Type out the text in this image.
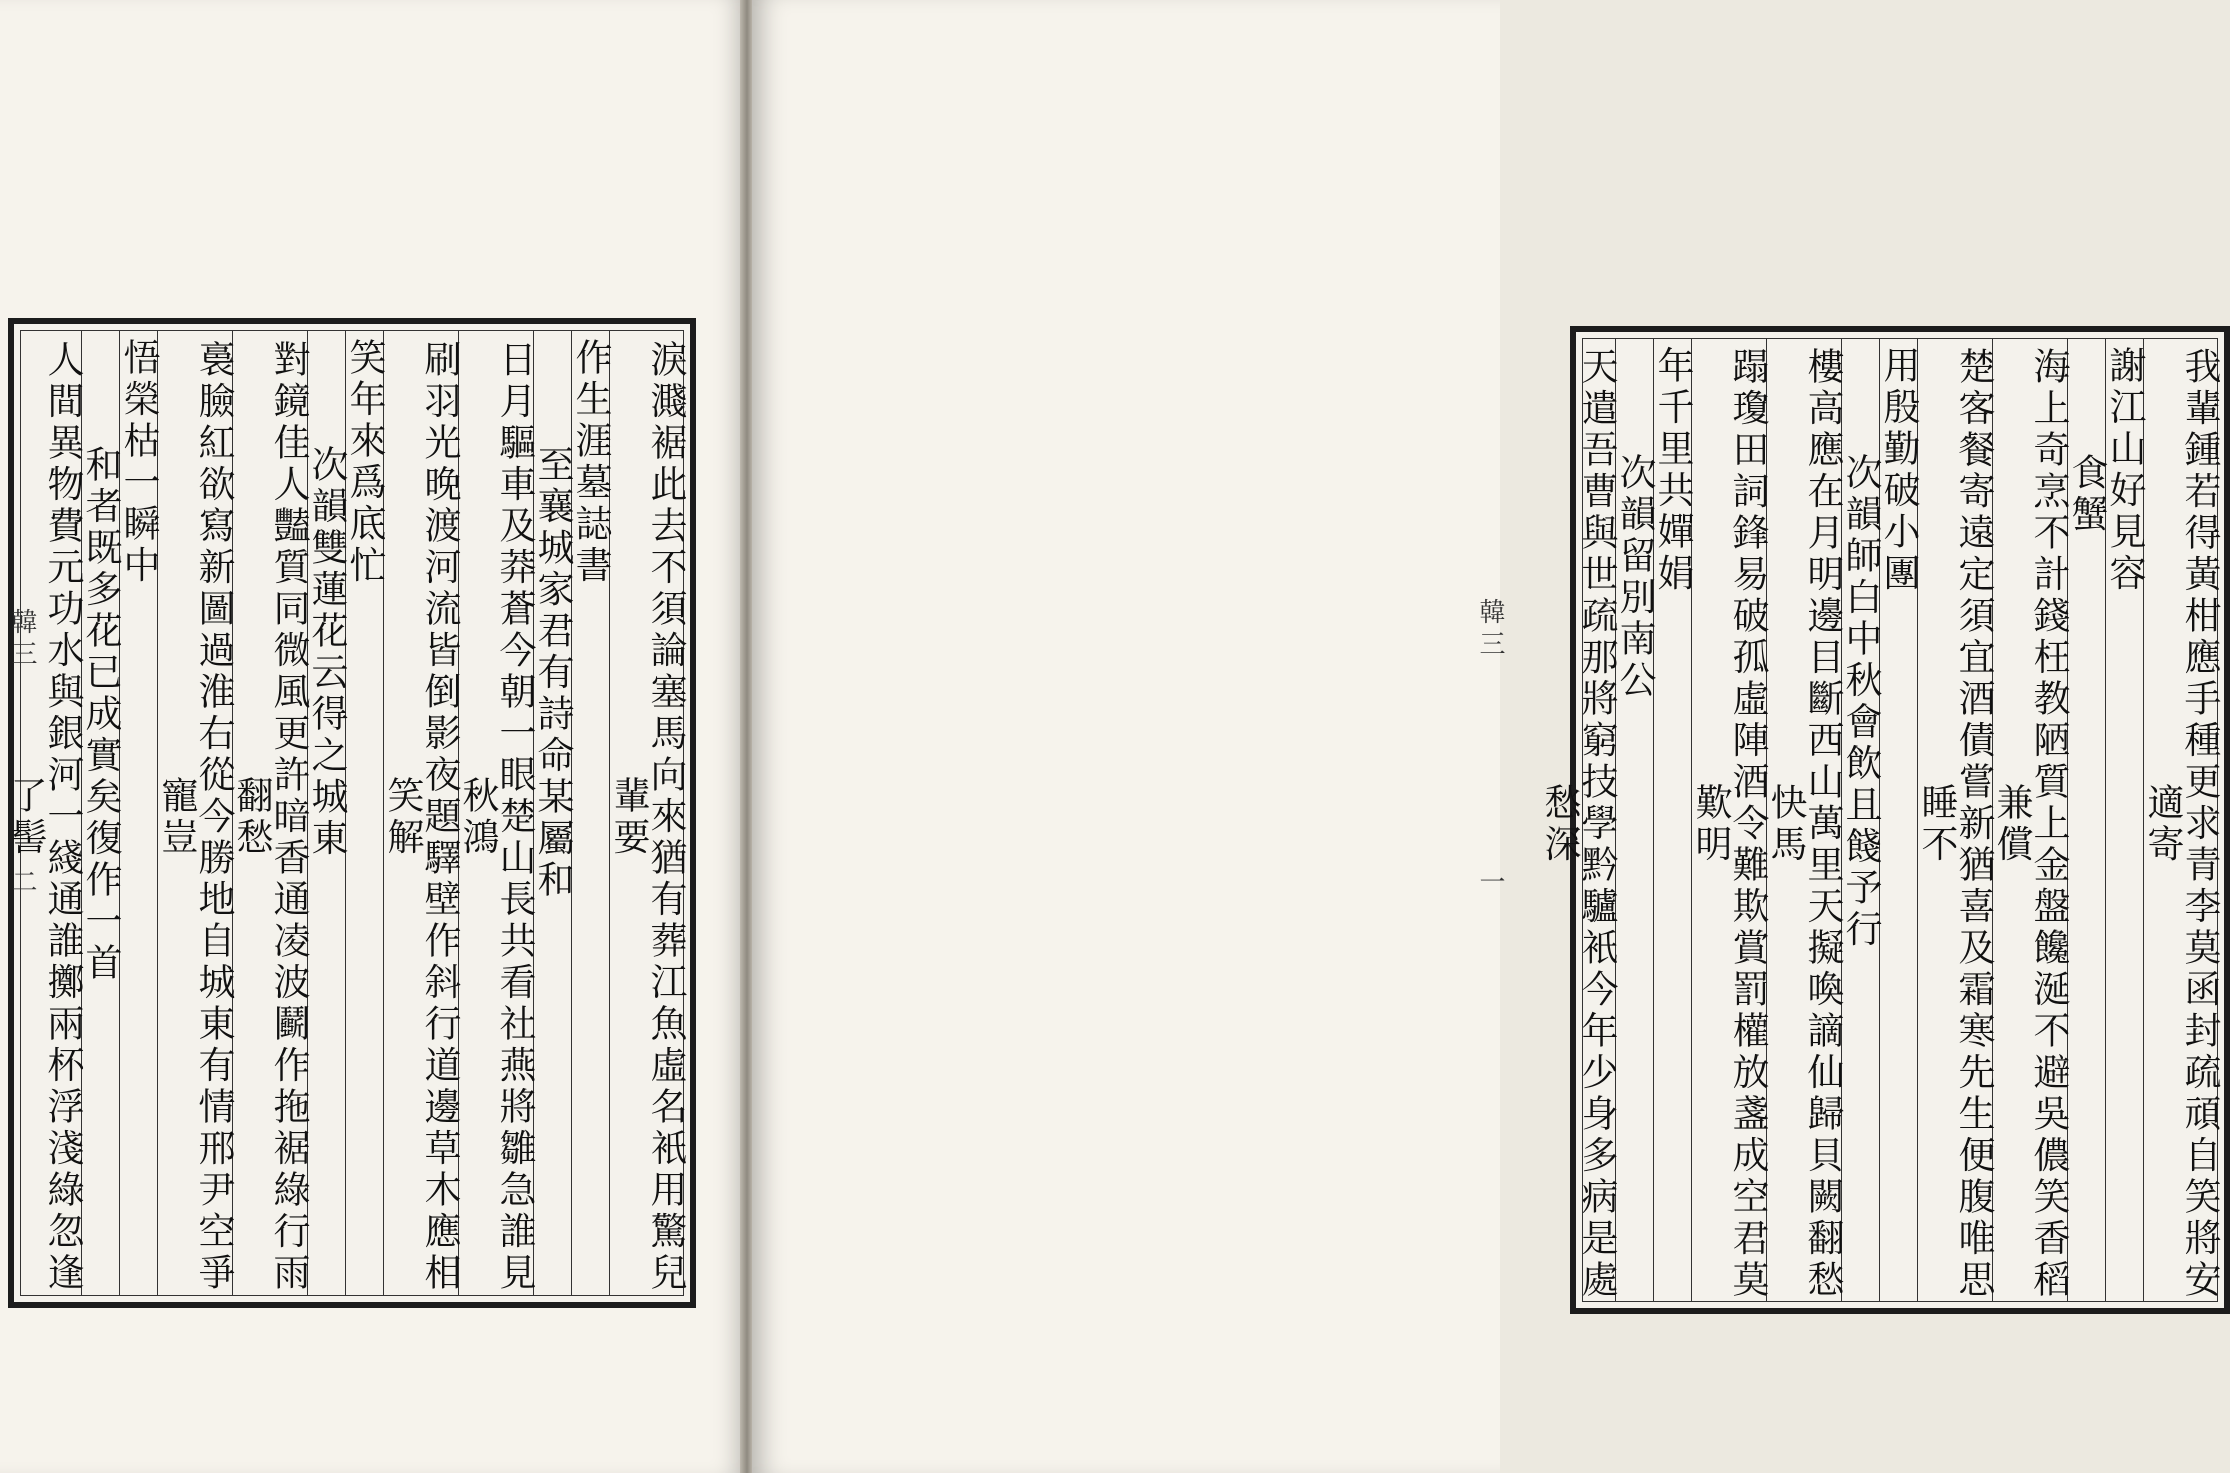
淚濺裾此去不須論塞馬向來猶有葬江魚虛名衹用驚兒輩要
作生涯墓誌書
至襄城家君有詩命某屬和
日月驅車及莽蒼今朝一眼楚山長共看社燕將雛急誰見秋鴻
刷羽光晚渡河流皆倒影夜題驛壁作斜行道邊草木應相笑解
笑年來爲底忙
次韻雙蓮花云得之城東
對鏡佳人豔質同微風更許暗香通凌波鬬作拖裾綠行雨翻愁
裛臉紅欲寫新圖過淮右從今勝地自城東有情邢尹空爭寵豈
悟榮枯一瞬中
和者既多花已成實矣復作一首
人間異物費元功水與銀河一綫通誰擲兩杯浮淺綠忽逢了髻
韓三
二	我輩鍾若得黃柑應手種更求青李莫函封疏頑自笑將安適寄
謝江山好見容
食蟹
海上奇烹不計錢枉教陋質上金盤饞涎不避吳儂笑香稻兼償
楚客餐寄遠定須宜酒債嘗新猶喜及霜寒先生便腹唯思睡不
用殷勤破小團
次韻師白中秋會飲且餞予行
樓高應在月明邊目斷西山萬里天擬喚謫仙歸貝闕翻愁快馬
蹋瓊田詞鋒易破孤虛陣酒令難欺賞罰權放盞成空君莫歎明
年千里共嬋娟
次韻留別南公
天遣吾曹與世疏那將窮技學黔驢衹今年少身多病是處愁深
韓三
一
